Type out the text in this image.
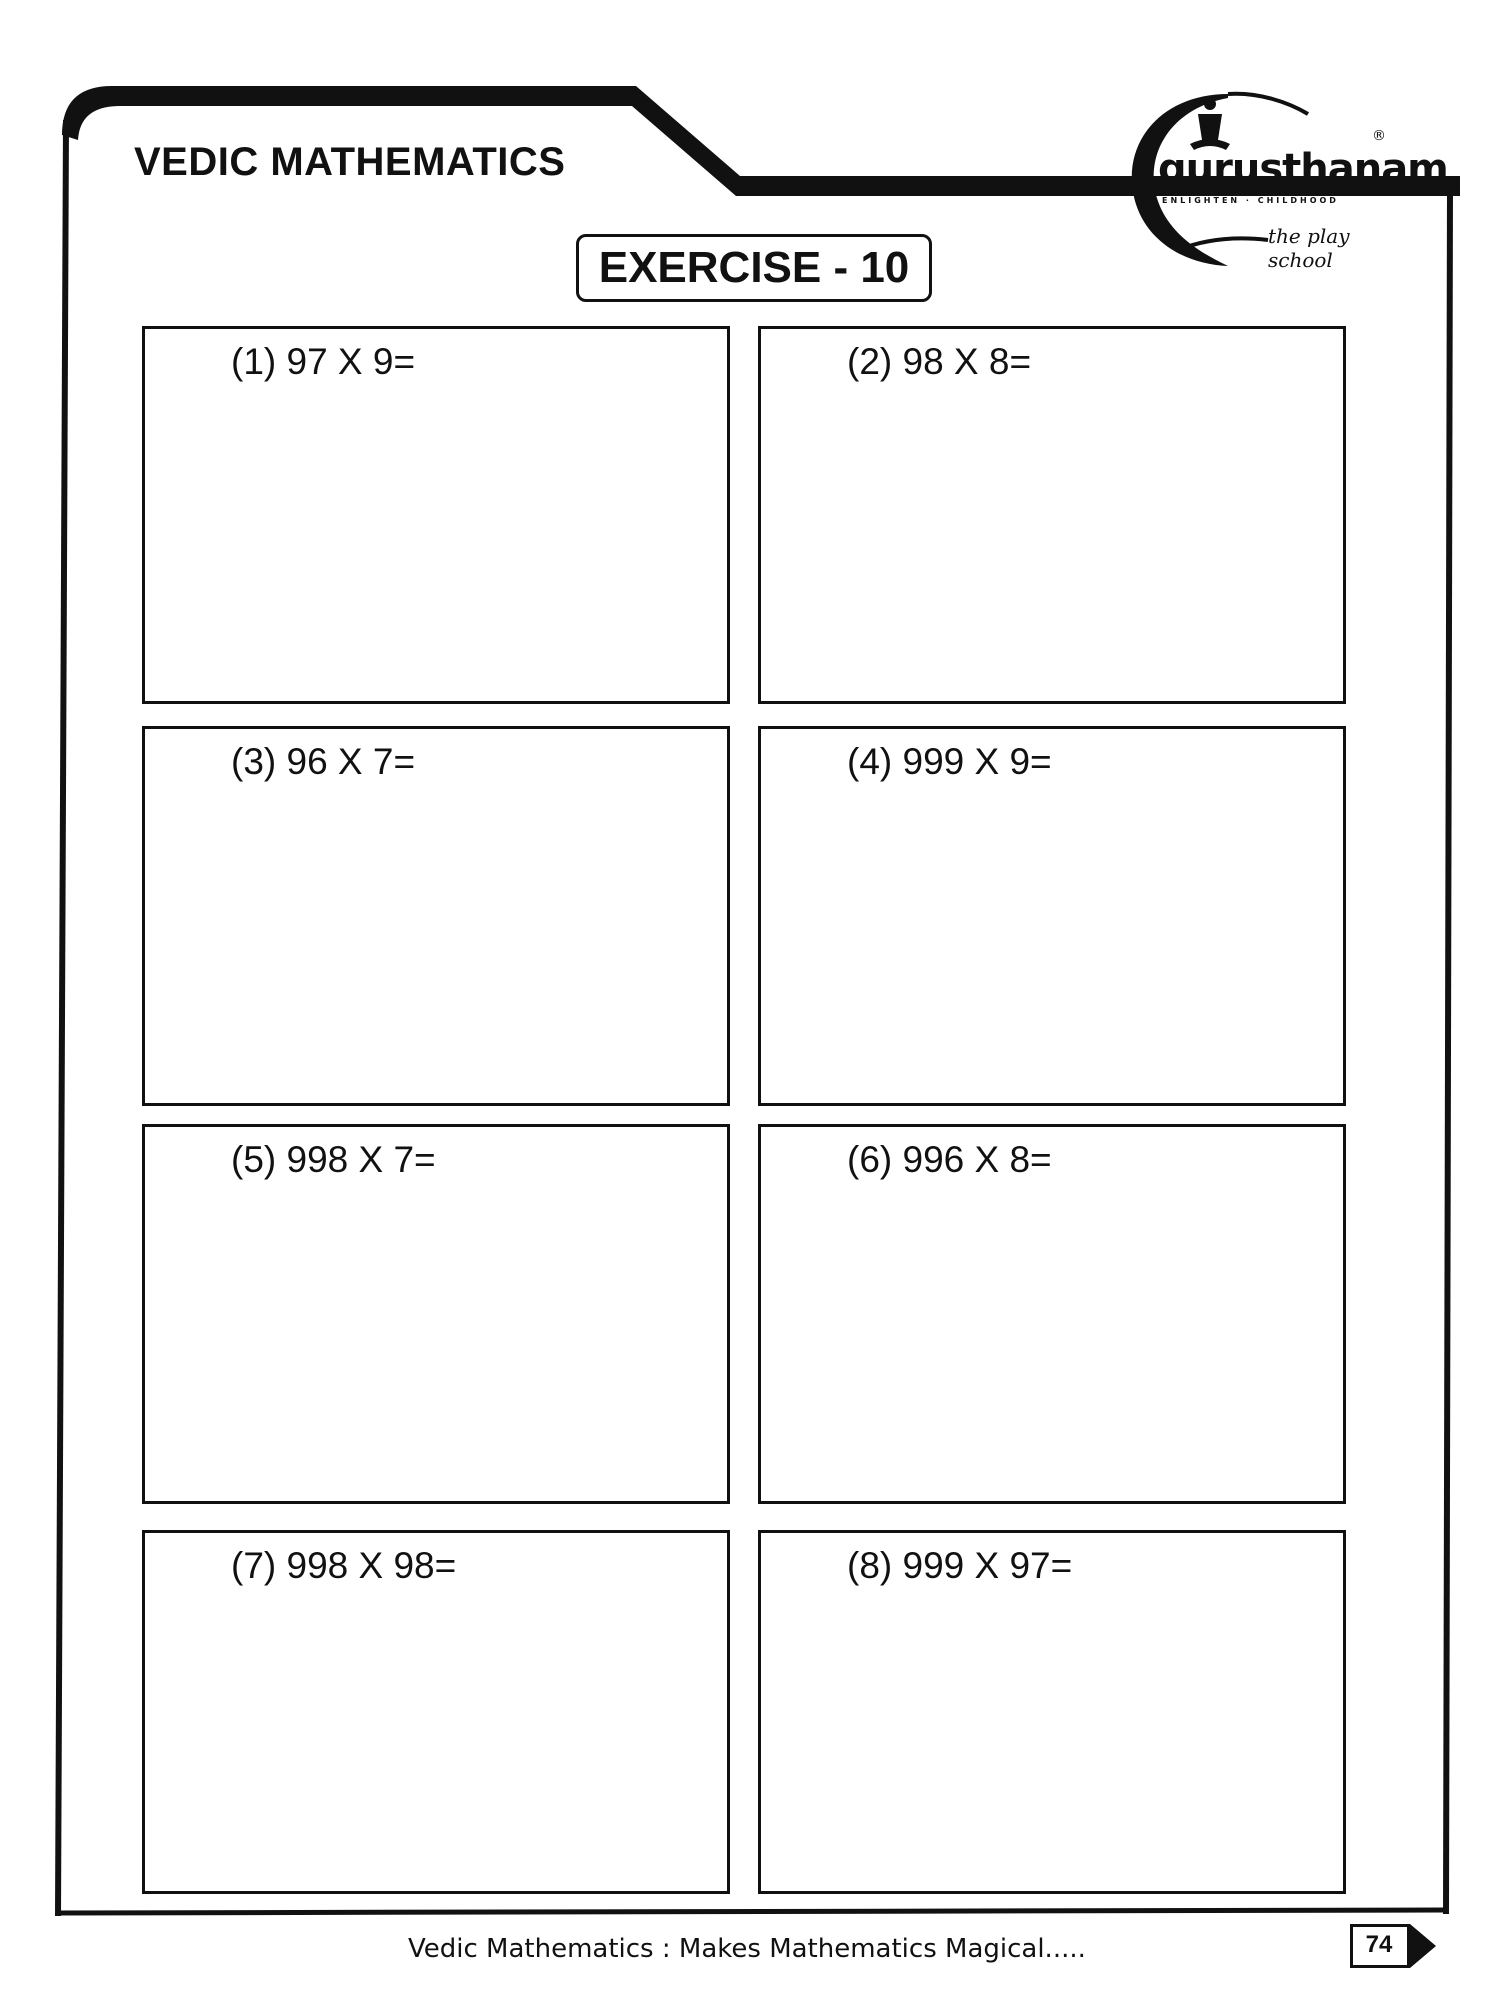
VEDIC MATHEMATICS	gurusthanam
ENLIGHTEN · CHILDHOOD
the play school
®
EXERCISE - 10
(1) 97 X 9=	(2) 98 X 8=
(3) 96 X 7=	(4) 999 X 9=
(5) 998 X 7=	(6) 996 X 8=
(7) 998 X 98=	(8) 999 X 97=
Vedic Mathematics : Makes Mathematics Magical.....	74
